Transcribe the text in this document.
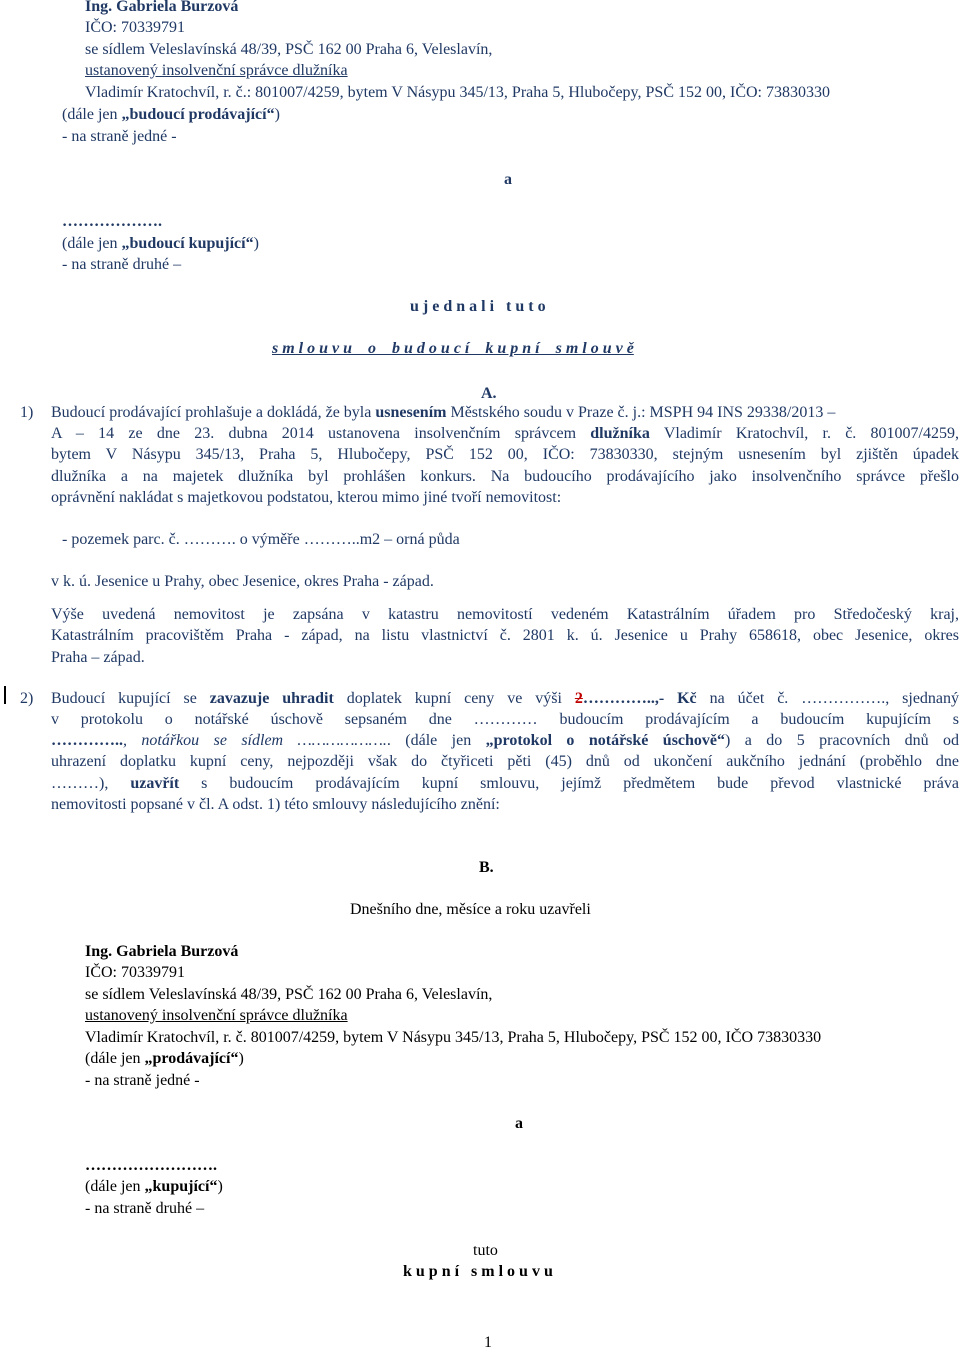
Ing. Gabriela Burzová
IČO: 70339791
se sídlem Veleslavínská 48/39, PSČ 162 00 Praha 6, Veleslavín,
ustanovený insolvenční správce dlužníka
Vladimír Kratochvíl, r. č.: 801007/4259, bytem V Násypu 345/13, Praha 5, Hlubočepy, PSČ 152 00, IČO: 73830330
(dále jen „budoucí prodávající“)
- na straně jedné -
a
……………….
(dále jen „budoucí kupující“)
- na straně druhé –
u j e d n a l i   t u t o
s m l o u v u    o    b u d o u c í    k u p n í    s m l o u v ě
A.
1) Budoucí prodávající prohlašuje a dokládá, že byla usnesením Městského soudu v Praze č. j.: MSPH 94 INS 29338/2013 –
A – 14 ze dne 23. dubna 2014 ustanovena insolvenčním správcem dlužníka Vladimír Kratochvíl, r. č. 801007/4259,
bytem V Násypu 345/13, Praha 5, Hlubočepy, PSČ 152 00, IČO: 73830330, stejným usnesením byl zjištěn úpadek
dlužníka a na majetek dlužníka byl prohlášen konkurs. Na budoucího prodávajícího jako insolvenčního správce přešlo
oprávnění nakládat s majetkovou podstatou, kterou mimo jiné tvoří nemovitost:
- pozemek parc. č. ………. o výměře ………..m2 – orná půda
v k. ú. Jesenice u Prahy, obec Jesenice, okres Praha - západ.
Výše uvedená nemovitost je zapsána v katastru nemovitostí vedeném Katastrálním úřadem pro Středočeský kraj,
Katastrálním pracovištěm Praha - západ, na listu vlastnictví č. 2801 k. ú. Jesenice u Prahy 658618, obec Jesenice, okres
Praha – západ.
2) Budoucí kupující se zavazuje uhradit doplatek kupní ceny ve výši 2…………..,- Kč na účet č. ……………., sjednaný
v protokolu o notářské úschově sepsaném dne ………… budoucím prodávajícím a budoucím kupujícím s
………….., notářkou se sídlem ……………….. (dále jen „protokol o notářské úschově“) a do 5 pracovních dnů od
uhrazení doplatku kupní ceny, nejpozději však do čtyřiceti pěti (45) dnů od ukončení aukčního jednání (proběhlo dne
………), uzavřít s budoucím prodávajícím kupní smlouvu, jejímž předmětem bude převod vlastnické práva
nemovitosti popsané v čl. A odst. 1) této smlouvy následujícího znění:
B.
Dnešního dne, měsíce a roku uzavřeli
Ing. Gabriela Burzová
IČO: 70339791
se sídlem Veleslavínská 48/39, PSČ 162 00 Praha 6, Veleslavín,
ustanovený insolvenční správce dlužníka
Vladimír Kratochvíl, r. č. 801007/4259, bytem V Násypu 345/13, Praha 5, Hlubočepy, PSČ 152 00, IČO 73830330
(dále jen „prodávající“)
- na straně jedné -
a
…………………….
(dále jen „kupující“)
- na straně druhé –
tuto
k u p n í   s m l o u v u
1
